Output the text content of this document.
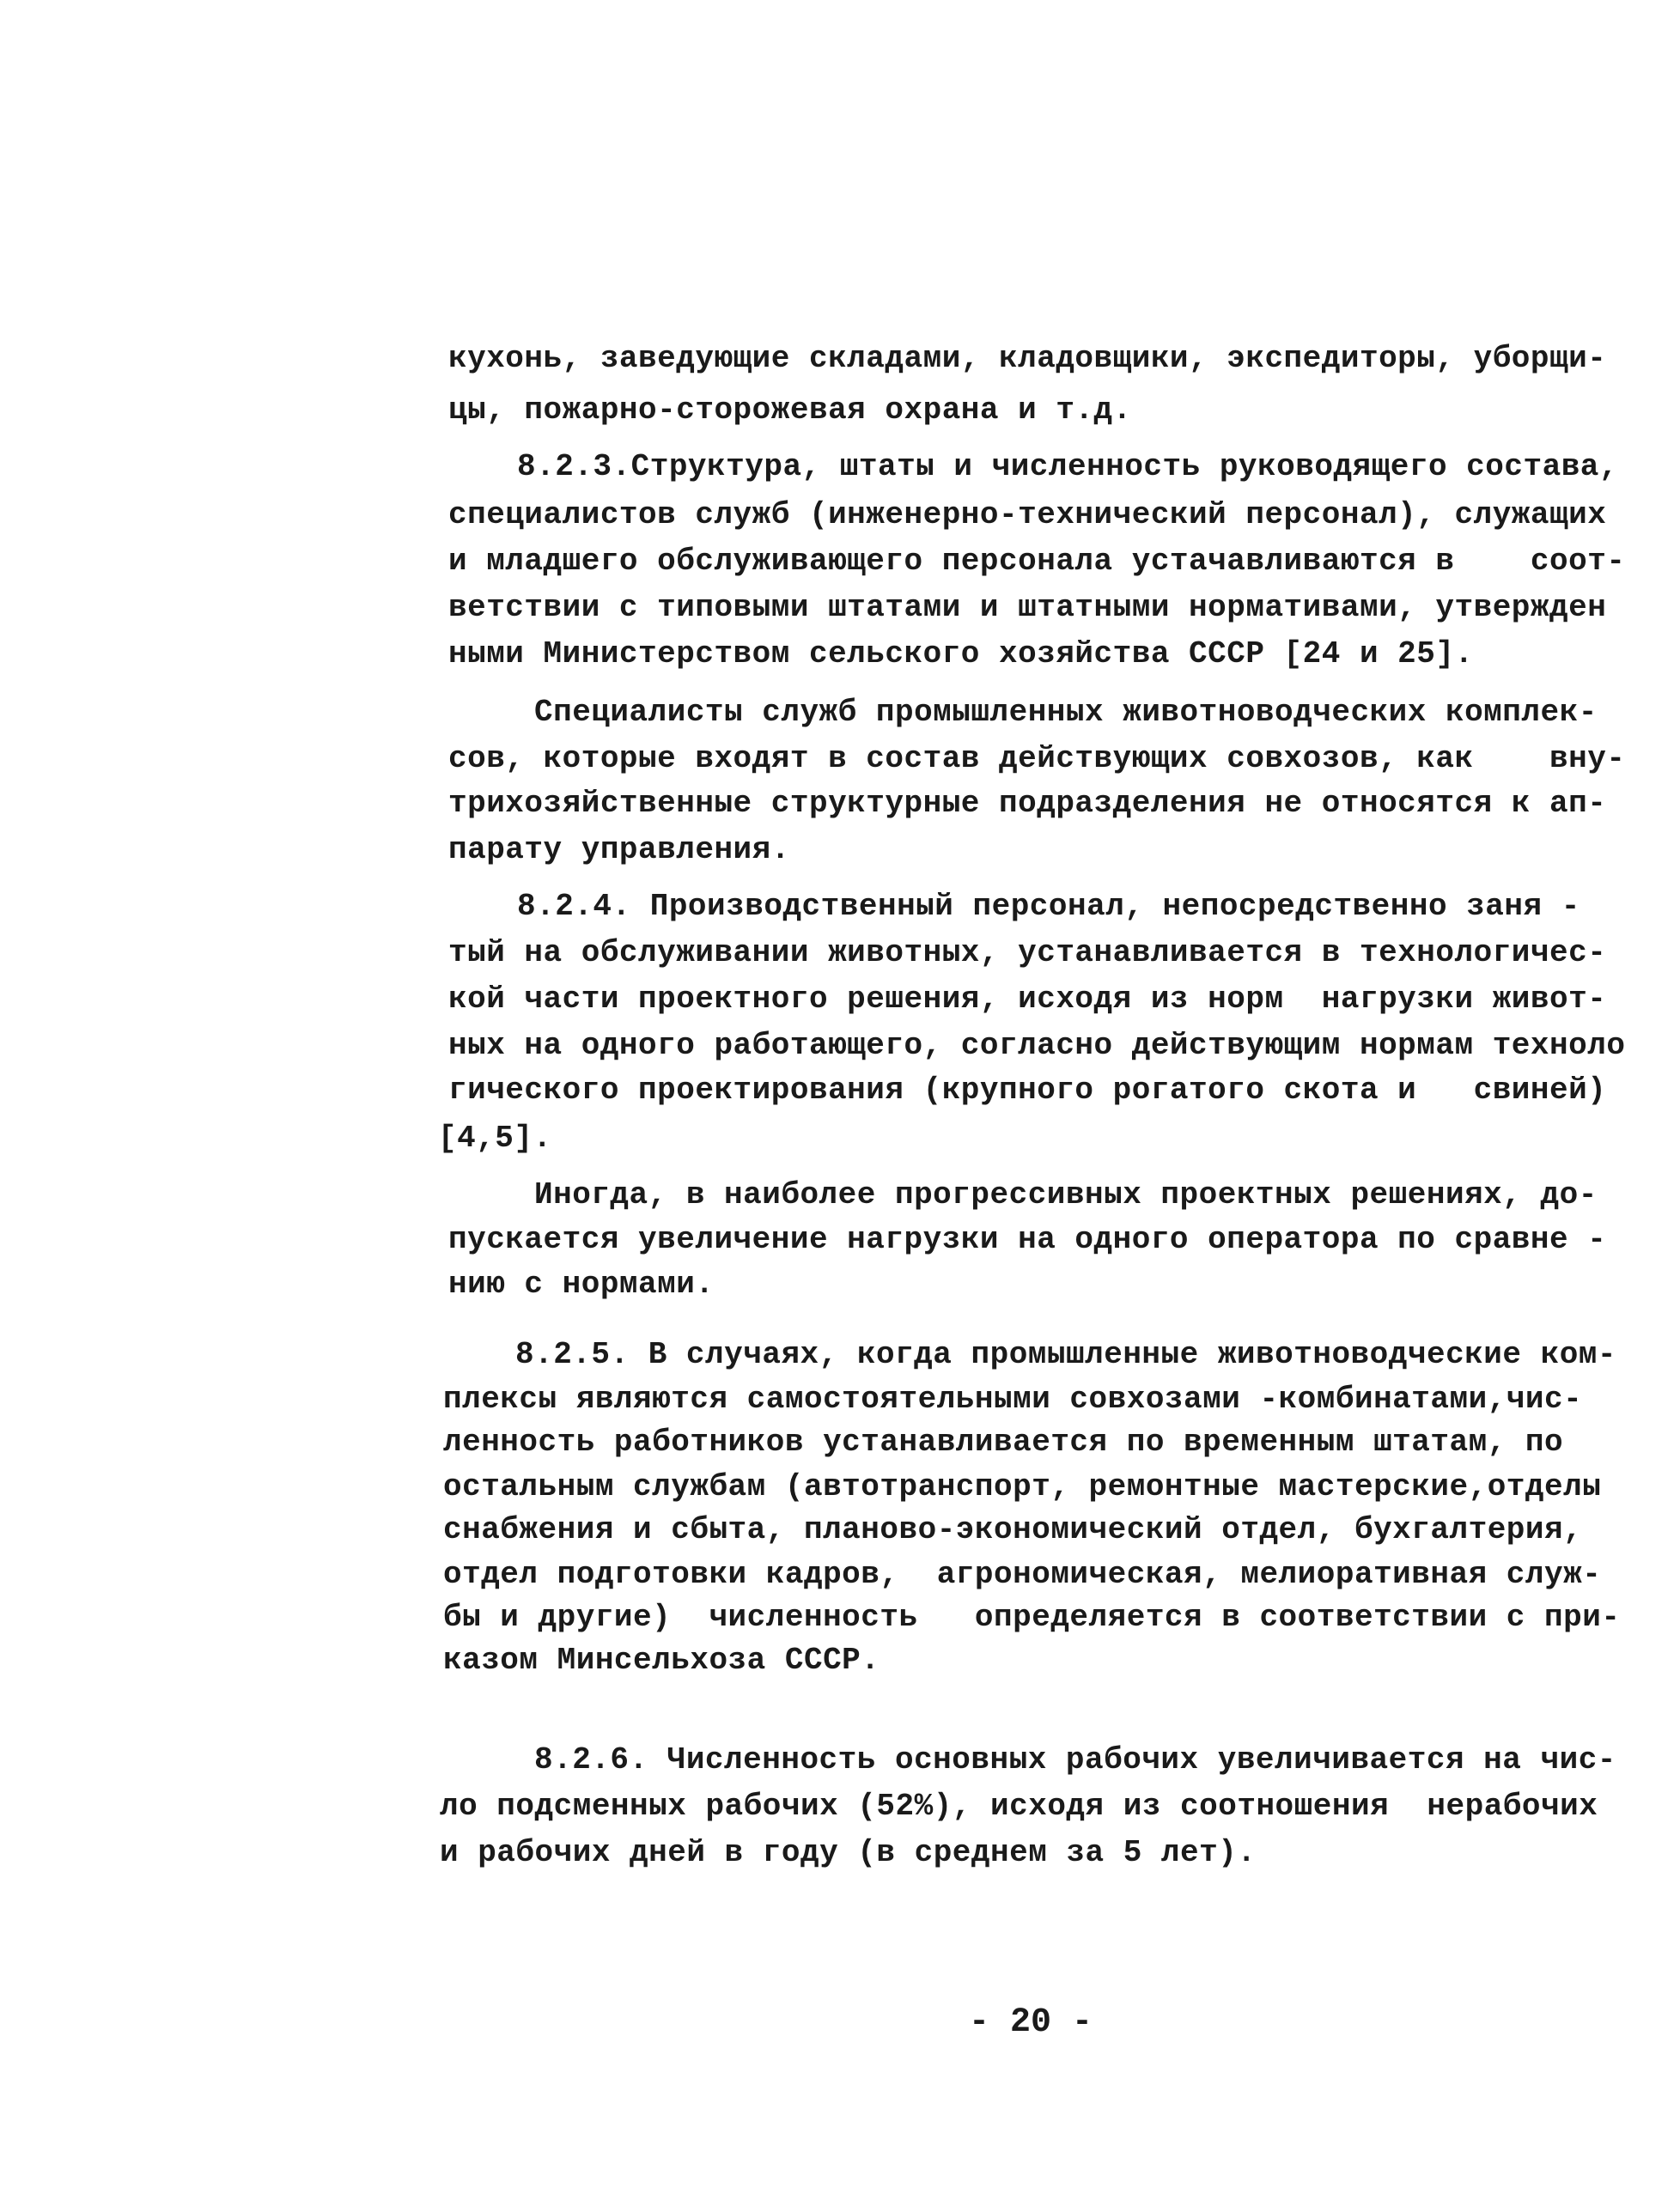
кухонь, заведующие складами, кладовщики, экспедиторы, уборщи-
цы, пожарно-сторожевая охрана и т.д.
8.2.3.Структура, штаты и численность руководящего состава,
специалистов служб (инженерно-технический персонал), служащих
и младшего обслуживающего персонала устачавливаются в    соот-
ветствии с типовыми штатами и штатными нормативами, утвержден
ными Министерством сельского хозяйства СССР [24 и 25].
Специалисты служб промышленных животноводческих комплек-
сов, которые входят в состав действующих совхозов, как    вну-
трихозяйственные структурные подразделения не относятся к ап-
парату управления.
8.2.4. Производственный персонал, непосредственно заня -
тый на обслуживании животных, устанавливается в технологичес-
кой части проектного решения, исходя из норм  нагрузки живот-
ных на одного работающего, согласно действующим нормам техноло
гического проектирования (крупного рогатого скота и   свиней)
[4,5].
Иногда, в наиболее прогрессивных проектных решениях, до-
пускается увеличение нагрузки на одного оператора по сравне -
нию с нормами.
8.2.5. В случаях, когда промышленные животноводческие ком-
плексы являются самостоятельными совхозами -комбинатами,чис-
ленность работников устанавливается по временным штатам, по
остальным службам (автотранспорт, ремонтные мастерские,отделы
снабжения и сбыта, планово-экономический отдел, бухгалтерия,
отдел подготовки кадров,  агрономическая, мелиоративная служ-
бы и другие)  численность   определяется в соответствии с при-
казом Минсельхоза СССР.
8.2.6. Численность основных рабочих увеличивается на чис-
ло подсменных рабочих (52%), исходя из соотношения  нерабочих
и рабочих дней в году (в среднем за 5 лет).
- 20 -
